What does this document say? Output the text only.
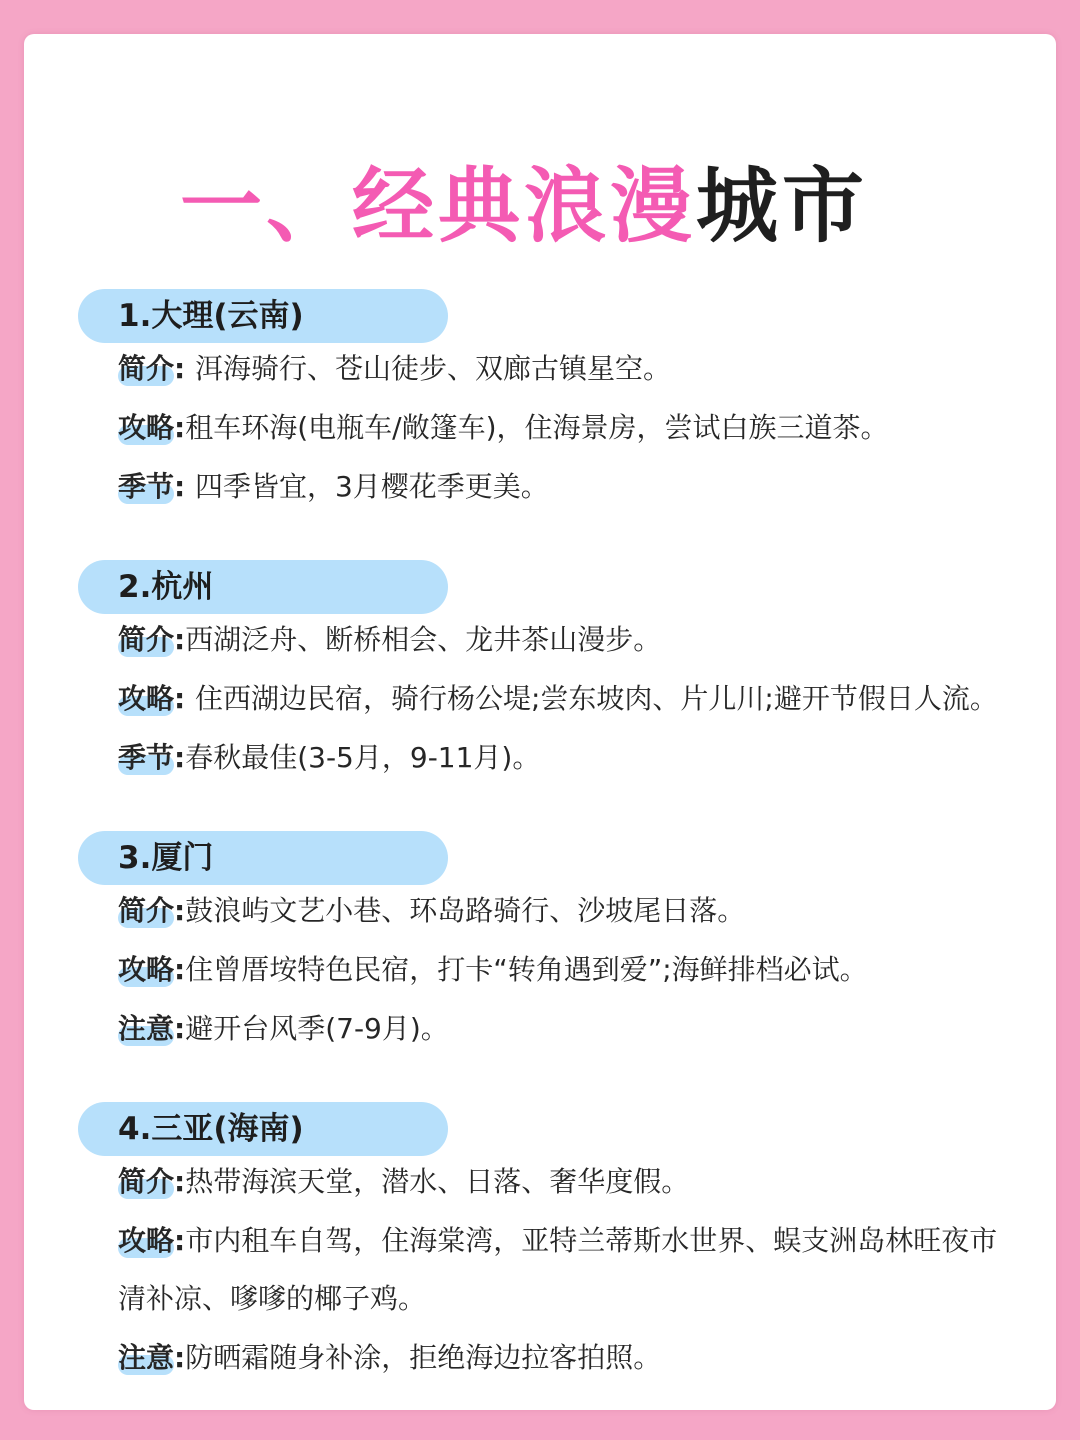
一、经典浪漫城市
1.大理(云南)
简介: 洱海骑行、苍山徒步、双廊古镇星空。
攻略:租车环海(电瓶车/敞篷车)，住海景房，尝试白族三道茶。
季节: 四季皆宜，3月樱花季更美。
2.杭州
简介:西湖泛舟、断桥相会、龙井茶山漫步。
攻略: 住西湖边民宿，骑行杨公堤;尝东坡肉、片儿川;避开节假日人流。
季节:春秋最佳(3-5月，9-11月)。
3.厦门
简介:鼓浪屿文艺小巷、环岛路骑行、沙坡尾日落。
攻略:住曾厝垵特色民宿，打卡“转角遇到爱”;海鲜排档必试。
注意:避开台风季(7-9月)。
4.三亚(海南)
简介:热带海滨天堂，潜水、日落、奢华度假。
攻略:市内租车自驾，住海棠湾，亚特兰蒂斯水世界、蜈支洲岛林旺夜市
清补凉、嗲嗲的椰子鸡。
注意:防晒霜随身补涂，拒绝海边拉客拍照。
